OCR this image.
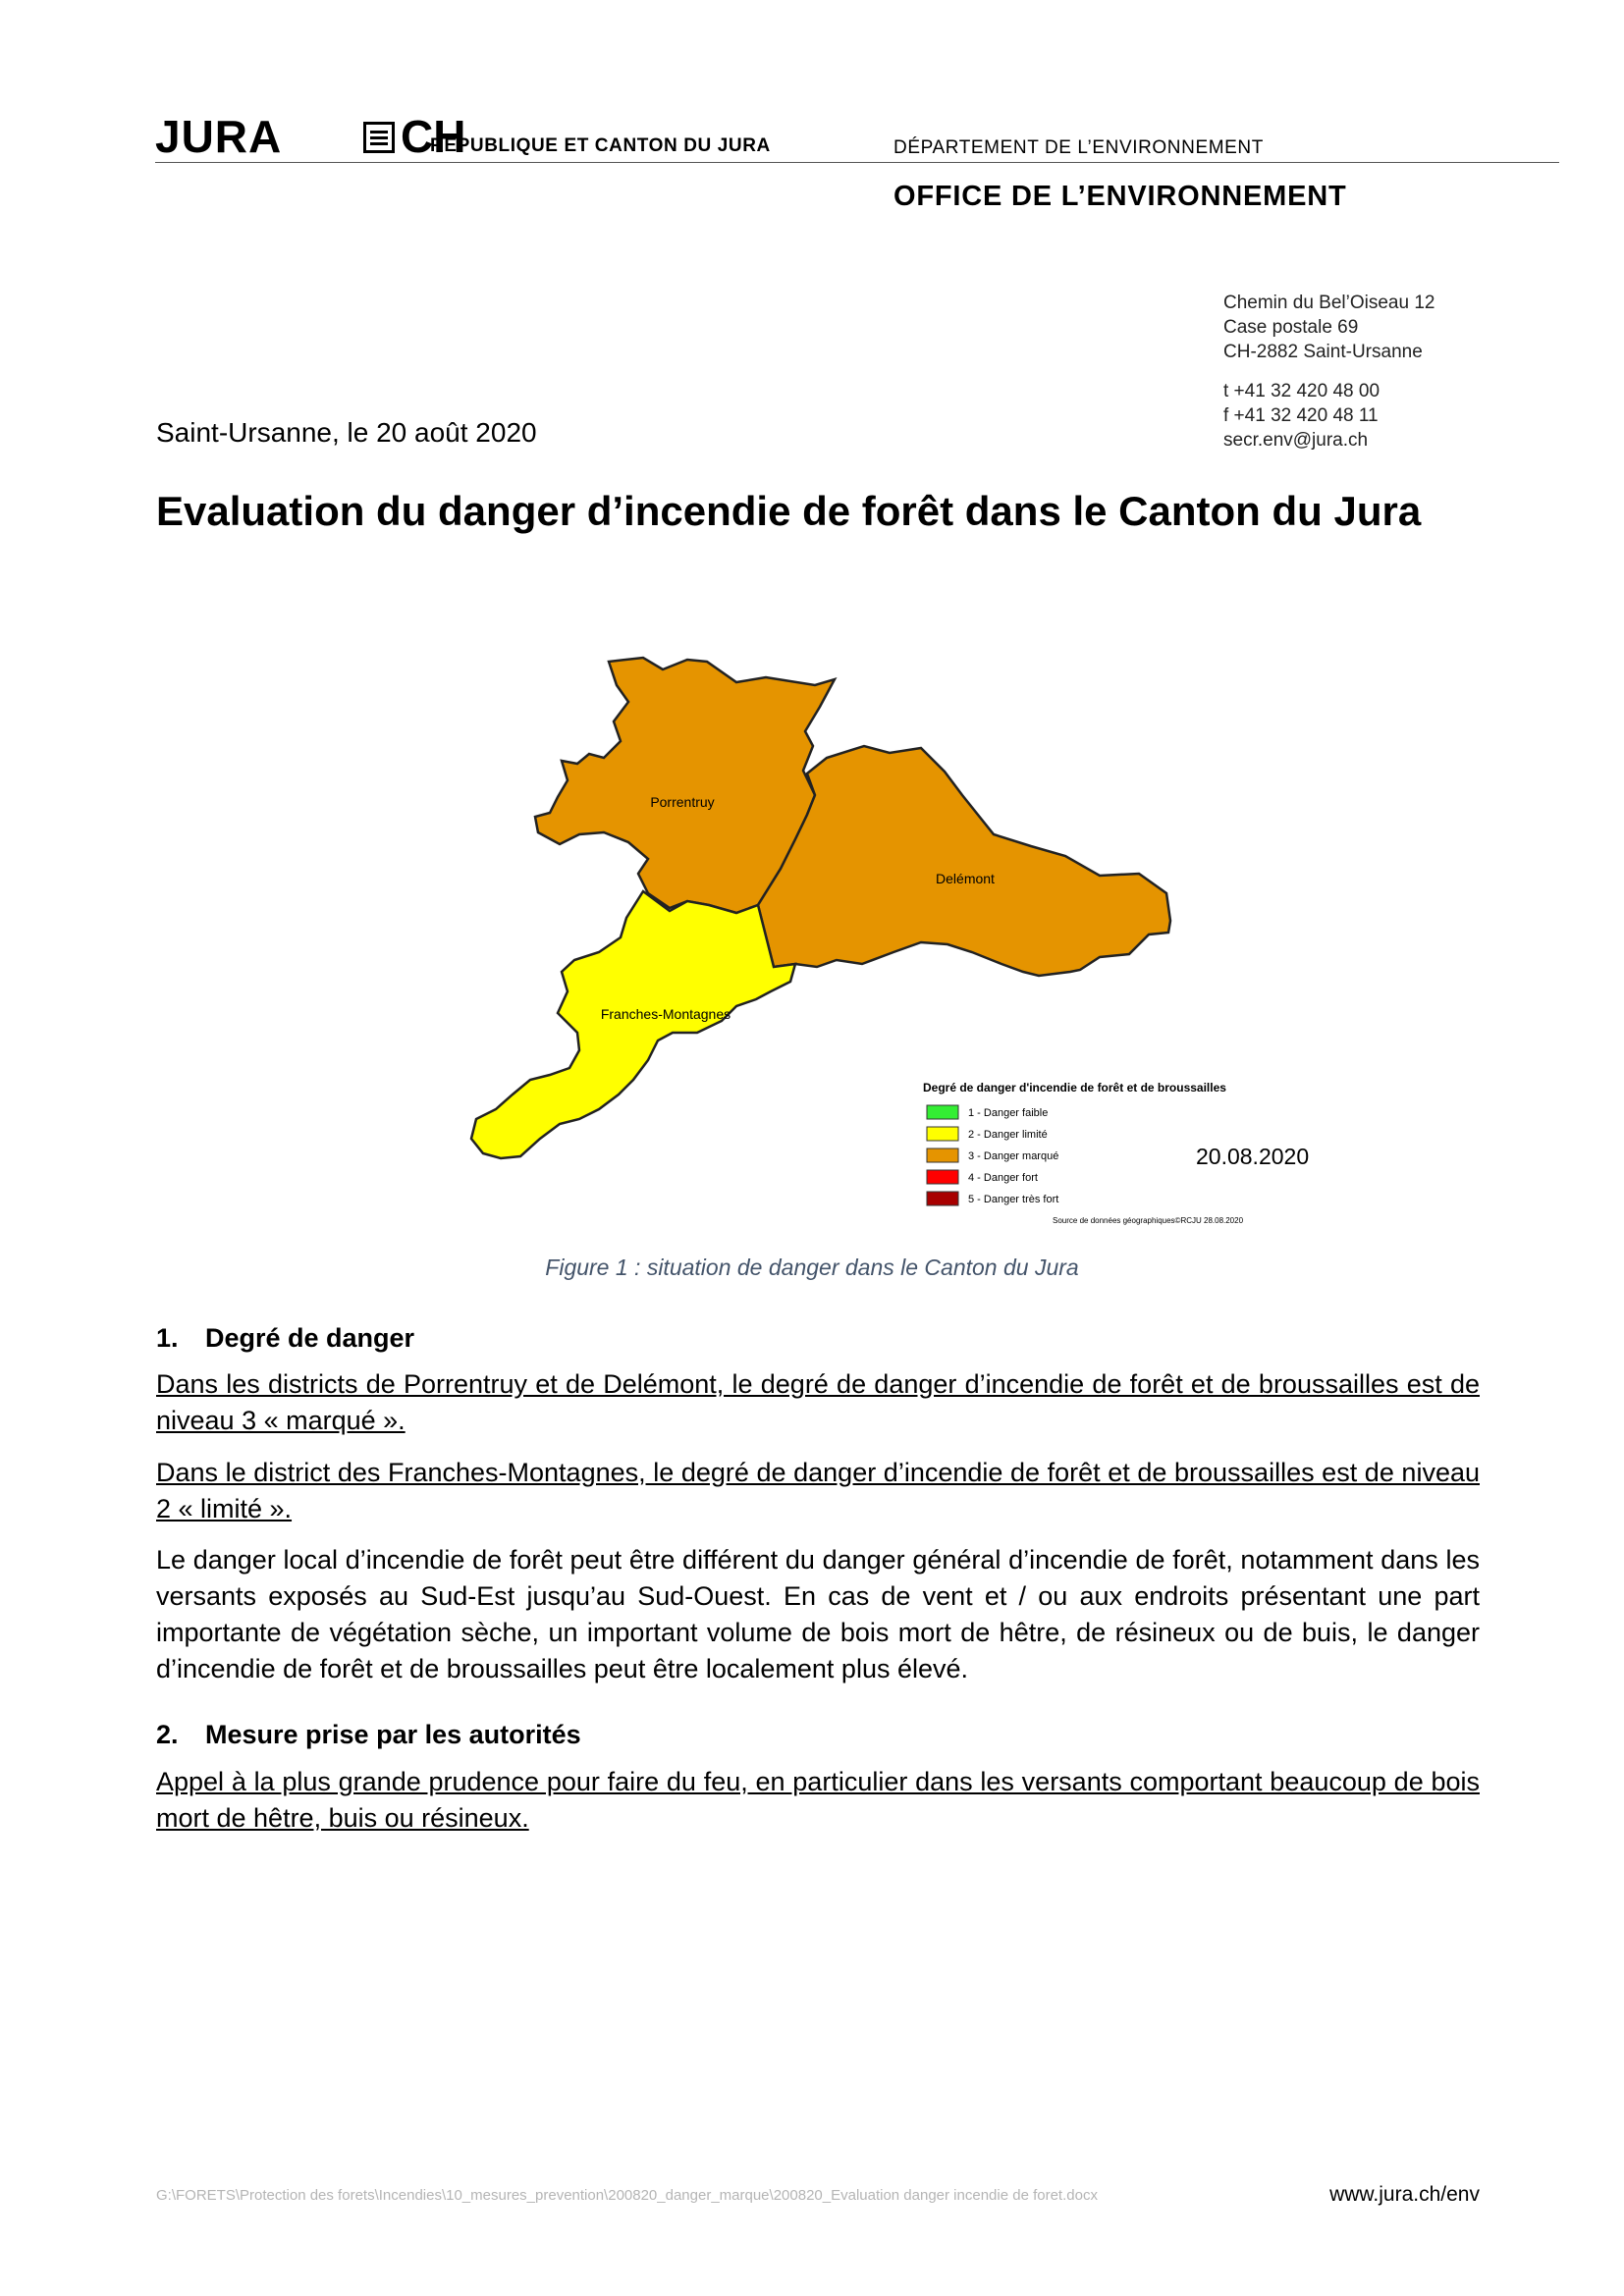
JURA	CH
RÉPUBLIQUE ET CANTON DU JURA	DÉPARTEMENT DE L’ENVIRONNEMENT
OFFICE DE L’ENVIRONNEMENT
Chemin du Bel’Oiseau 12
Case postale 69
CH-2882 Saint-Ursanne
t +41 32 420 48 00
f +41 32 420 48 11
secr.env@jura.ch
Saint-Ursanne, le 20 août 2020
Evaluation du danger d’incendie de forêt dans le Canton du Jura
Porrentruy
Delémont
Franches-Montagnes
Degré de danger d'incendie de forêt et de broussailles
1 - Danger faible
2 - Danger limité
3 - Danger marqué
4 - Danger fort
5 - Danger très fort
Source de données géographiques©RCJU 28.08.2020
20.08.2020
Figure 1 : situation de danger dans le Canton du Jura
1. Degré de danger
Dans les districts de Porrentruy et de Delémont, le degré de danger d’incendie de forêt et de broussailles est de niveau 3 « marqué ».
Dans le district des Franches-Montagnes, le degré de danger d’incendie de forêt et de broussailles est de niveau 2 « limité ».
Le danger local d’incendie de forêt peut être différent du danger général d’incendie de forêt, notamment dans les versants exposés au Sud-Est jusqu’au Sud-Ouest. En cas de vent et / ou aux endroits présentant une part importante de végétation sèche, un important volume de bois mort de hêtre, de résineux ou de buis, le danger d’incendie de forêt et de broussailles peut être localement plus élevé.
2. Mesure prise par les autorités
Appel à la plus grande prudence pour faire du feu, en particulier dans les versants comportant beaucoup de bois mort de hêtre, buis ou résineux.
G:\FORETS\Protection des forets\Incendies\10_mesures_prevention\200820_danger_marque\200820_Evaluation danger incendie de foret.docx	www.jura.ch/env
